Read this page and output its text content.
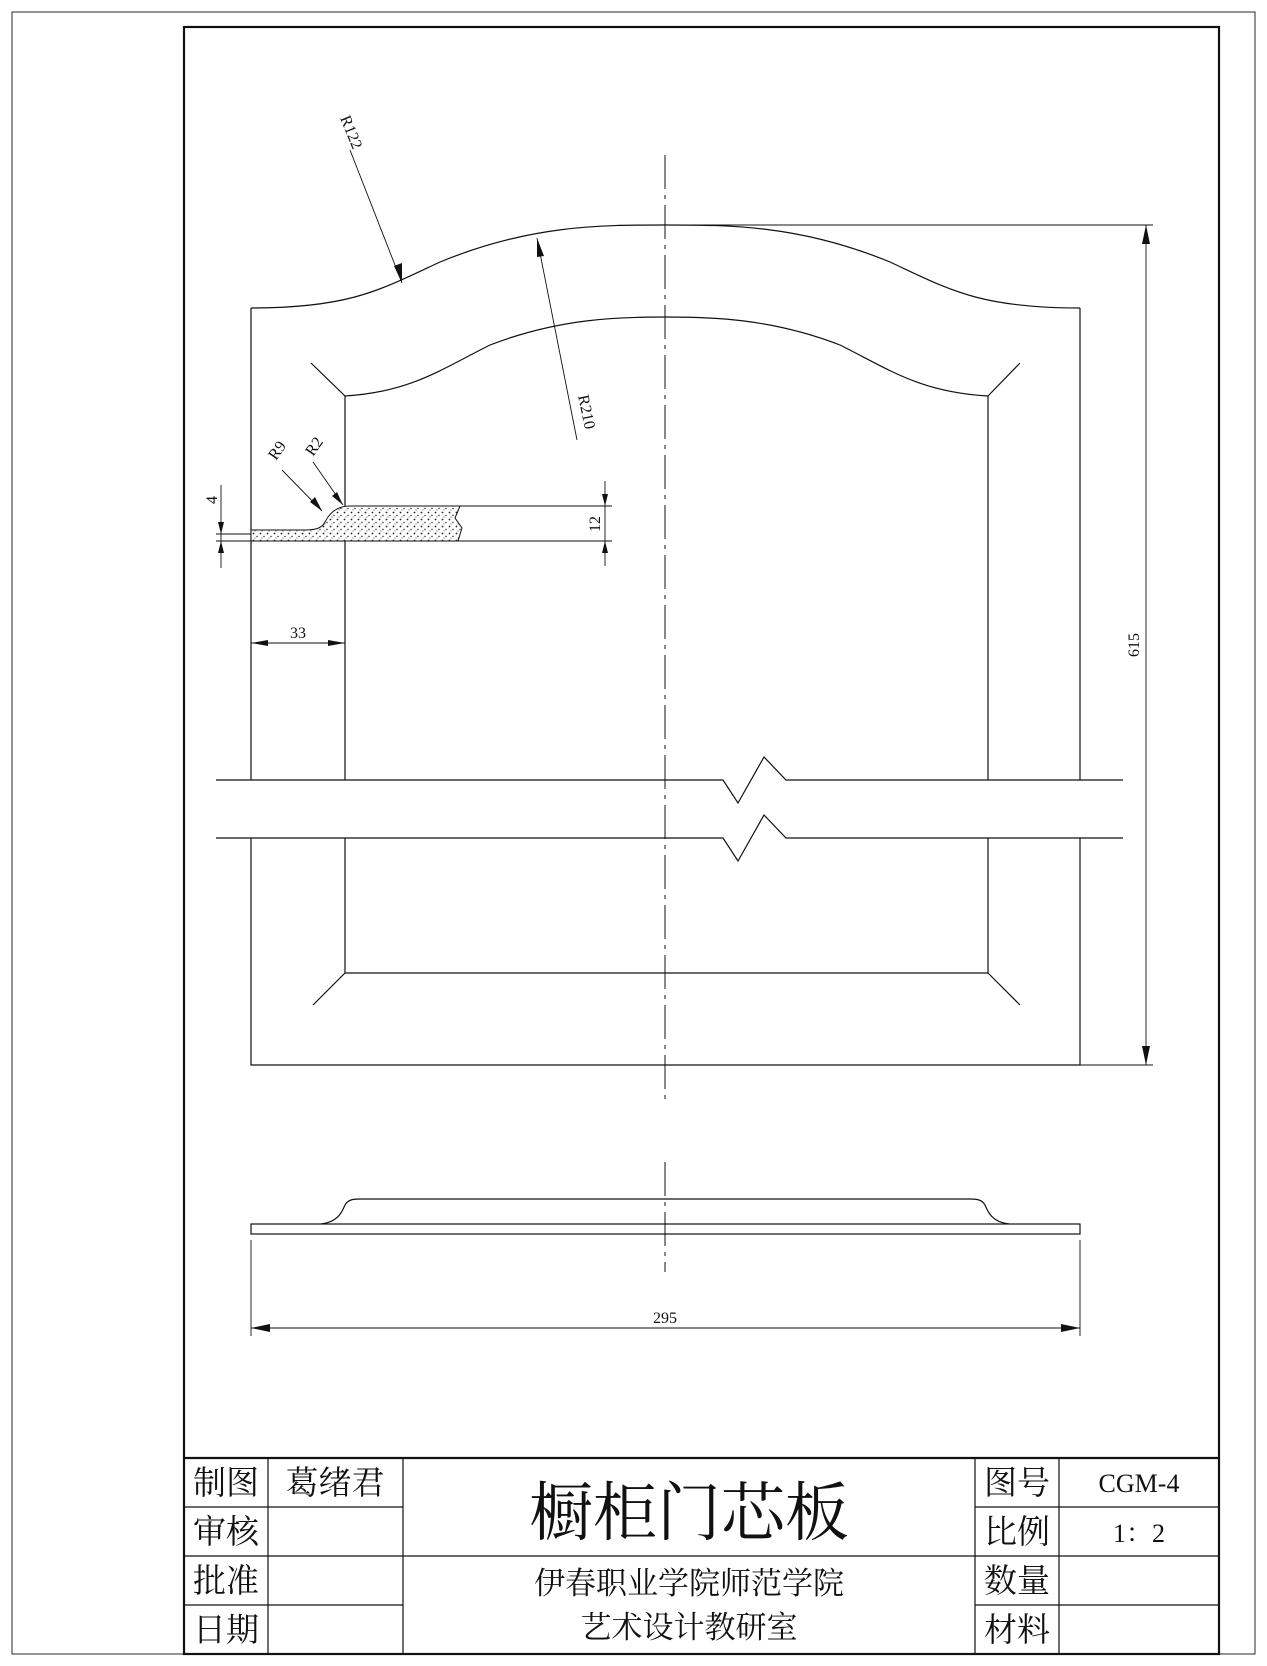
615
R122
R210
R9 R2
4
12
33
295
制图 葛绪君
审核
批准
日期
橱柜门芯板
伊春职业学院师范学院
艺术设计教研室
图号 CGM-4
比例 1：2
数量
材料
